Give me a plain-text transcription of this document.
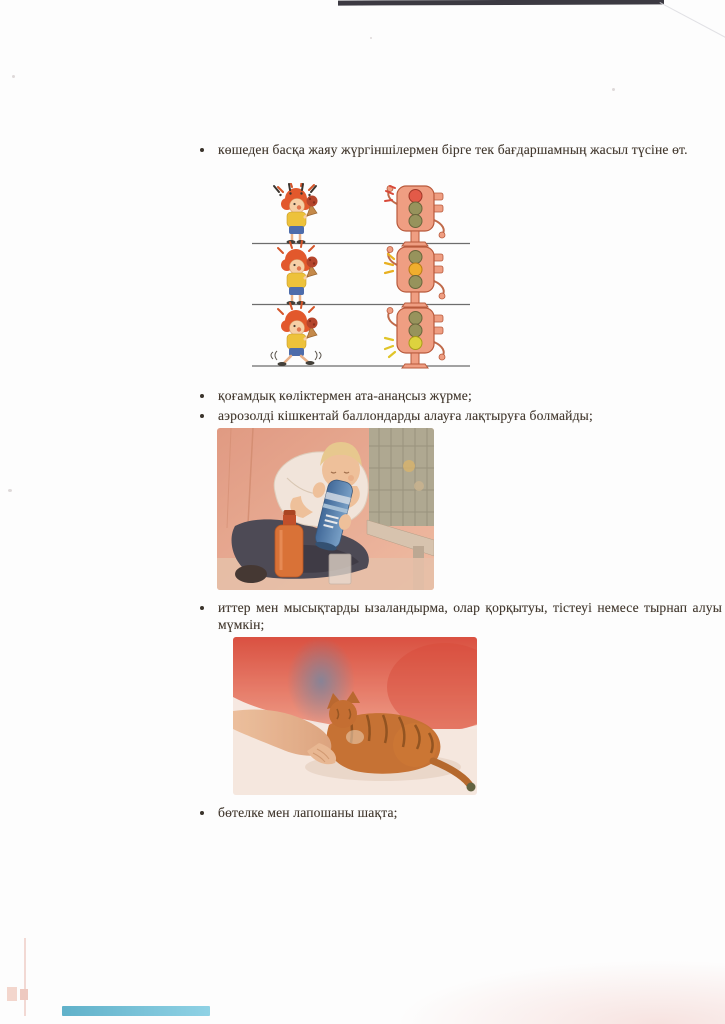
көшеден басқа жаяу жүргіншілермен бірге тек бағдаршамның жасыл түсіне өт.
қоғамдық көліктермен ата-анаңсыз жүрме;
аэрозолді кішкентай баллондарды алауға лақтыруға болмайды;
иттер мен мысықтарды ызаландырма, олар қорқытуы, тістеуі немесе тырнап алуы мүмкін;
бөтелке мен лапошаны шақта;
